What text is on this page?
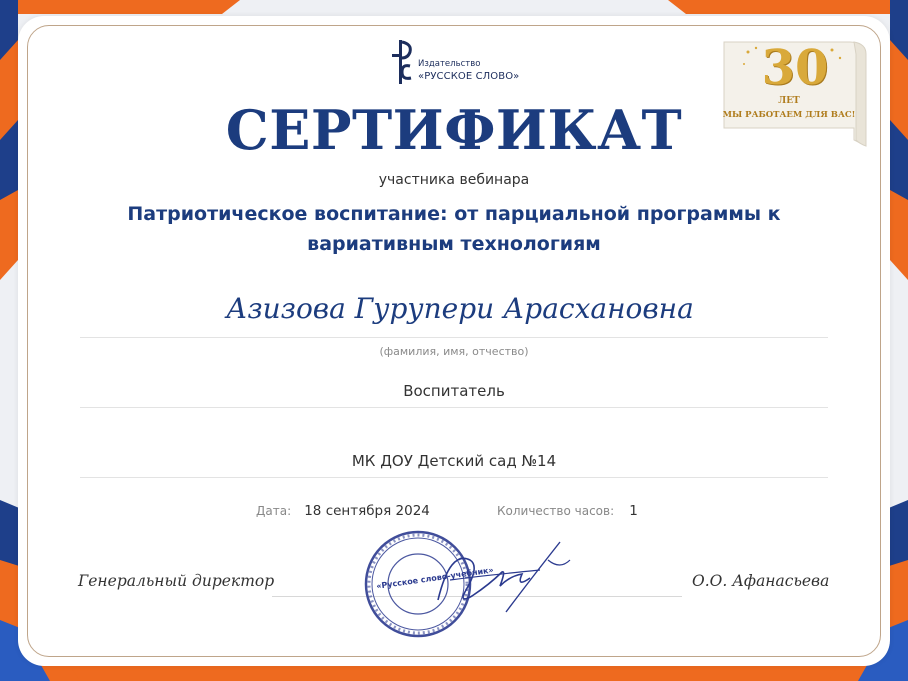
Издательство
«РУССКОЕ СЛОВО»	30
ЛЕТ
МЫ РАБОТАЕМ ДЛЯ ВАС!
СЕРТИФИКАТ
участника вебинара
Патриотическое воспитание: от парциальной программы к
вариативным технологиям
Азизова Гурупери Арасхановна
(фамилия, имя, отчество)
Воспитатель
МК ДОУ Детский сад №14
Дата: 18 сентября 2024	Количество часов: 1
Генеральный директор	О.О. Афанасьева
«Русское слово-учебник»
